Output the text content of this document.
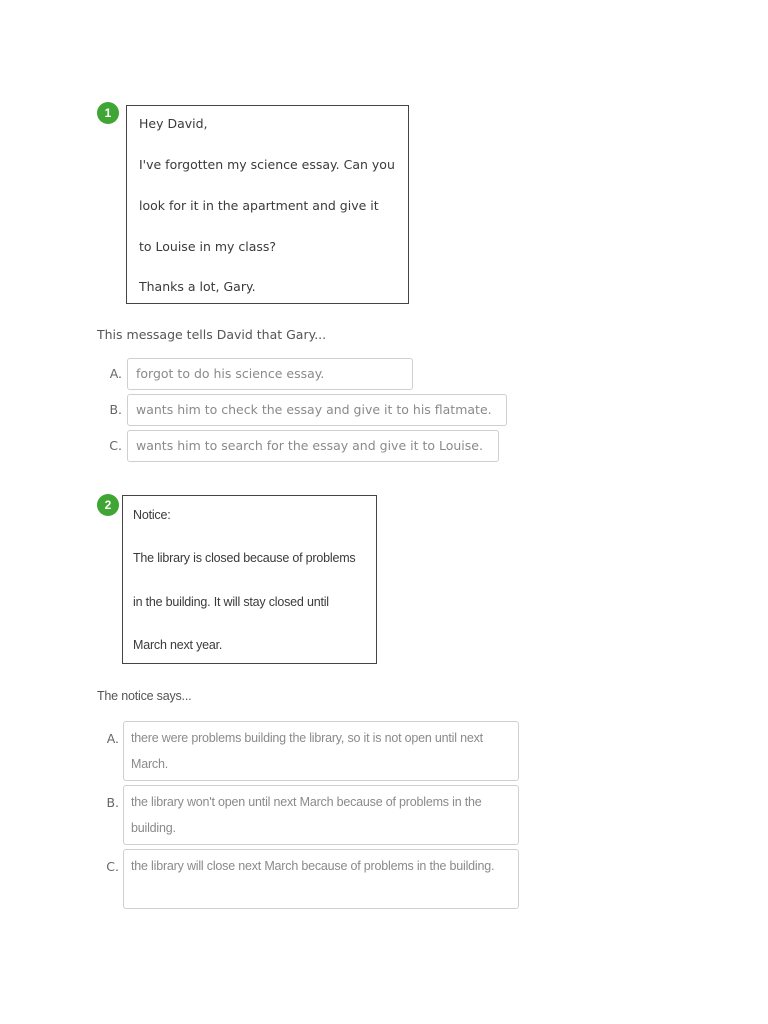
1
Hey David,
I've forgotten my science essay. Can you
look for it in the apartment and give it
to Louise in my class?
Thanks a lot, Gary.
This message tells David that Gary...
A.	forgot to do his science essay.
B.	wants him to check the essay and give it to his flatmate.
C.	wants him to search for the essay and give it to Louise.
2
Notice:
The library is closed because of problems
in the building. It will stay closed until
March next year.
The notice says...
A. there were problems building the library, so it is not open until next March.
B. the library won't open until next March because of problems in the building.
C. the library will close next March because of problems in the building.
